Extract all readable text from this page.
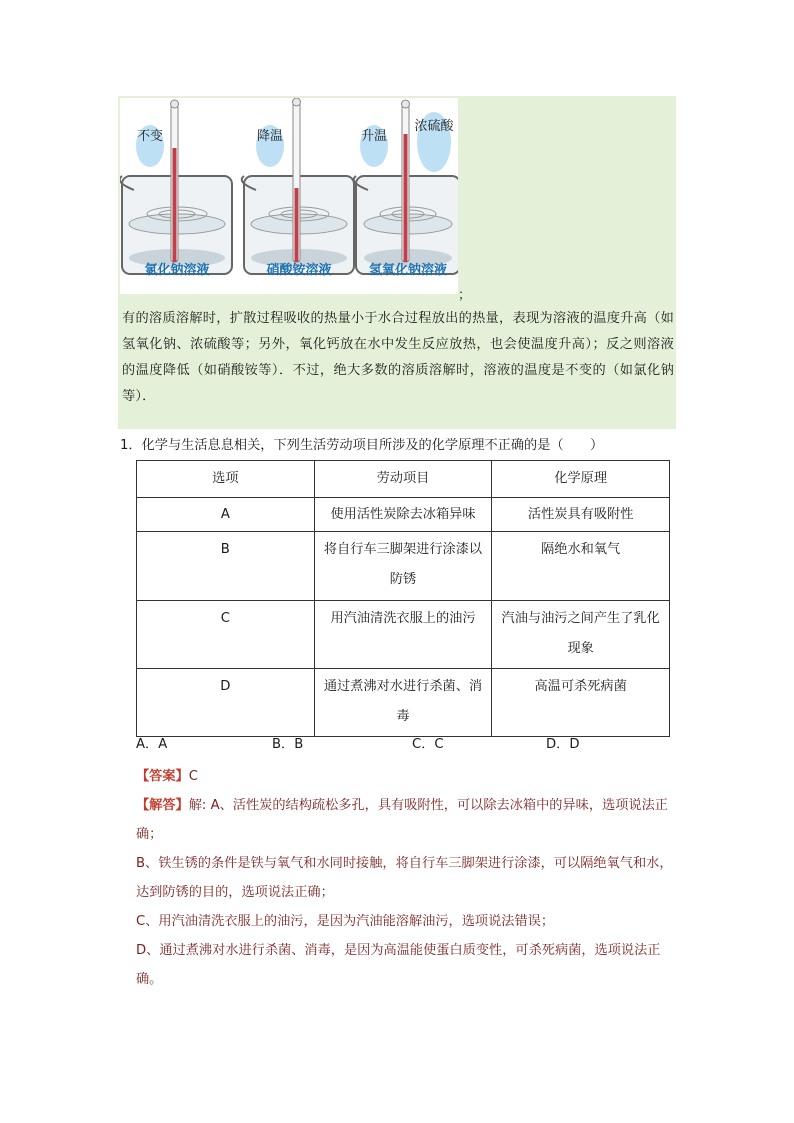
不变	降温	升温
浓硫酸
氯化钠溶液	硝酸铵溶液	氢氧化钠溶液
；
有的溶质溶解时，扩散过程吸收的热量小于水合过程放出的热量，表现为溶液的温度升高（如氢氧化钠、浓硫酸等；另外，氧化钙放在水中发生反应放热，也会使温度升高）；反之则溶液的温度降低（如硝酸铵等）．不过，绝大多数的溶质溶解时，溶液的温度是不变的（如氯化钠等）．
1．化学与生活息息相关，下列生活劳动项目所涉及的化学原理不正确的是（　　）
选项	劳动项目	化学原理
A	使用活性炭除去冰箱异味	活性炭具有吸附性
B	将自行车三脚架进行涂漆以防锈	隔绝水和氧气
C	用汽油清洗衣服上的油污	汽油与油污之间产生了乳化现象
D	通过煮沸对水进行杀菌、消毒	高温可杀死病菌
A．A	B．B	C．C	D．D

【答案】C

【解答】解: A、活性炭的结构疏松多孔，具有吸附性，可以除去冰箱中的异味，选项说法正确；

B、铁生锈的条件是铁与氧气和水同时接触，将自行车三脚架进行涂漆，可以隔绝氧气和水，达到防锈的目的，选项说法正确；

C、用汽油清洗衣服上的油污，是因为汽油能溶解油污，选项说法错误；

D、通过煮沸对水进行杀菌、消毒，是因为高温能使蛋白质变性，可杀死病菌，选项说法正确。
